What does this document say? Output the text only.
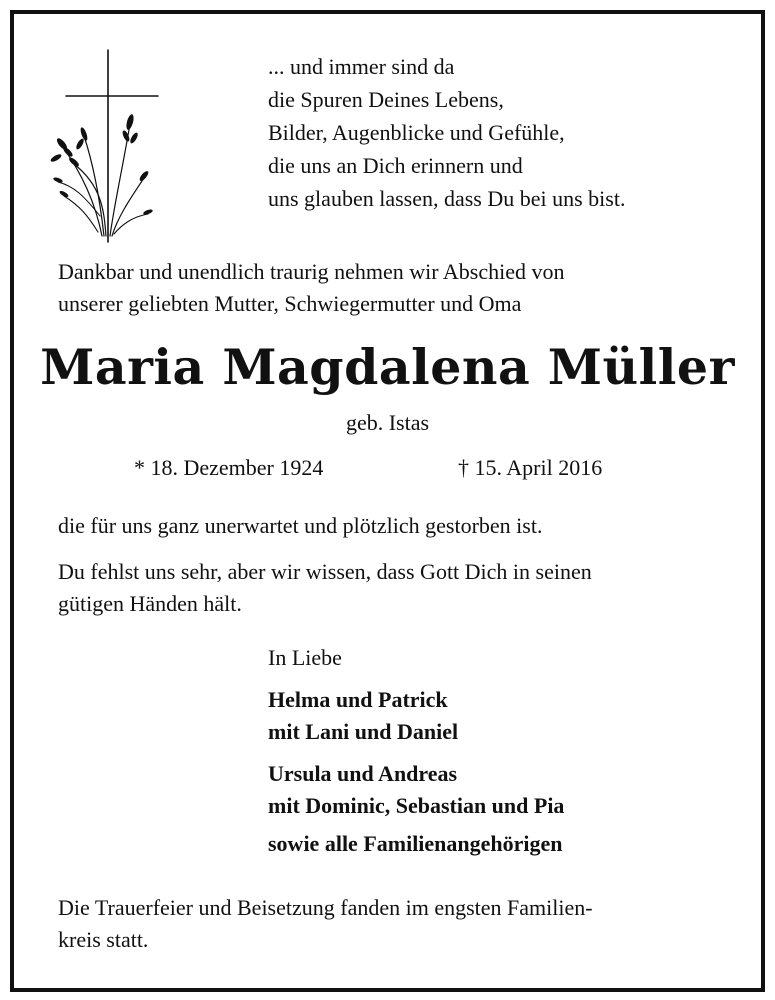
... und immer sind da
die Spuren Deines Lebens,
Bilder, Augenblicke und Gefühle,
die uns an Dich erinnern und
uns glauben lassen, dass Du bei uns bist.
Dankbar und unendlich traurig nehmen wir Abschied von
unserer geliebten Mutter, Schwiegermutter und Oma
Maria Magdalena Müller
geb. Istas
* 18. Dezember 1924	† 15. April 2016
die für uns ganz unerwartet und plötzlich gestorben ist.
Du fehlst uns sehr, aber wir wissen, dass Gott Dich in seinen
gütigen Händen hält.
In Liebe
Helma und Patrick
mit Lani und Daniel
Ursula und Andreas
mit Dominic, Sebastian und Pia
sowie alle Familienangehörigen
Die Trauerfeier und Beisetzung fanden im engsten Familien-
kreis statt.
